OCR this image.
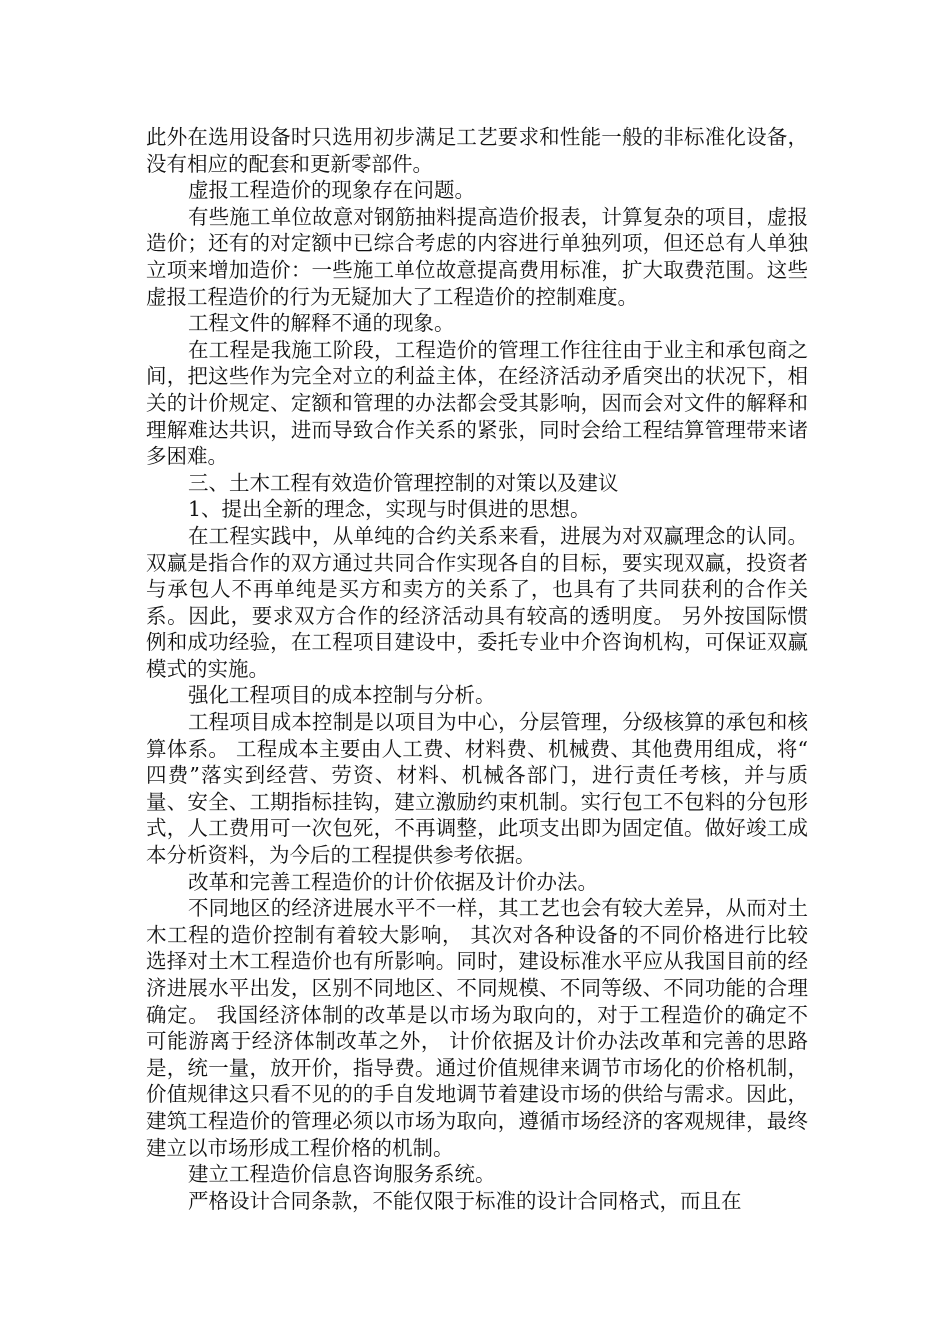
此外在选用设备时只选用初步满足工艺要求和性能一般的非标准化设备，没有相应的配套和更新零部件。

虚报工程造价的现象存在问题。

有些施工单位故意对钢筋抽料提高造价报表，计算复杂的项目，虚报造价；还有的对定额中已综合考虑的内容进行单独列项，但还总有人单独立项来增加造价：一些施工单位故意提高费用标准，扩大取费范围。这些虚报工程造价的行为无疑加大了工程造价的控制难度。

工程文件的解释不通的现象。

在工程是我施工阶段，工程造价的管理工作往往由于业主和承包商之间，把这些作为完全对立的利益主体，在经济活动矛盾突出的状况下，相关的计价规定、定额和管理的办法都会受其影响，因而会对文件的解释和理解难达共识，进而导致合作关系的紧张，同时会给工程结算管理带来诸多困难。

三、土木工程有效造价管理控制的对策以及建议

1、提出全新的理念，实现与时俱进的思想。

在工程实践中，从单纯的合约关系来看，进展为对双赢理念的认同。双赢是指合作的双方通过共同合作实现各自的目标，要实现双赢，投资者与承包人不再单纯是买方和卖方的关系了，也具有了共同获利的合作关系。因此，要求双方合作的经济活动具有较高的透明度。 另外按国际惯例和成功经验，在工程项目建设中，委托专业中介咨询机构，可保证双赢模式的实施。

强化工程项目的成本控制与分析。

工程项目成本控制是以项目为中心，分层管理，分级核算的承包和核算体系。 工程成本主要由人工费、材料费、机械费、其他费用组成，将“ 四费”落实到经营、劳资、材料、机械各部门，进行责任考核，并与质量、安全、工期指标挂钩，建立激励约束机制。实行包工不包料的分包形式，人工费用可一次包死，不再调整，此项支出即为固定值。做好竣工成本分析资料，为今后的工程提供参考依据。

改革和完善工程造价的计价依据及计价办法。

不同地区的经济进展水平不一样，其工艺也会有较大差异，从而对土木工程的造价控制有着较大影响， 其次对各种设备的不同价格进行比较选择对土木工程造价也有所影响。同时，建设标准水平应从我国目前的经济进展水平出发，区别不同地区、不同规模、不同等级、不同功能的合理确定。 我国经济体制的改革是以市场为取向的，对于工程造价的确定不可能游离于经济体制改革之外， 计价依据及计价办法改革和完善的思路是，统一量，放开价，指导费。通过价值规律来调节市场化的价格机制，价值规律这只看不见的的手自发地调节着建设市场的供给与需求。因此，建筑工程造价的管理必须以市场为取向，遵循市场经济的客观规律，最终建立以市场形成工程价格的机制。

建立工程造价信息咨询服务系统。

严格设计合同条款，不能仅限于标准的设计合同格式，而且在
